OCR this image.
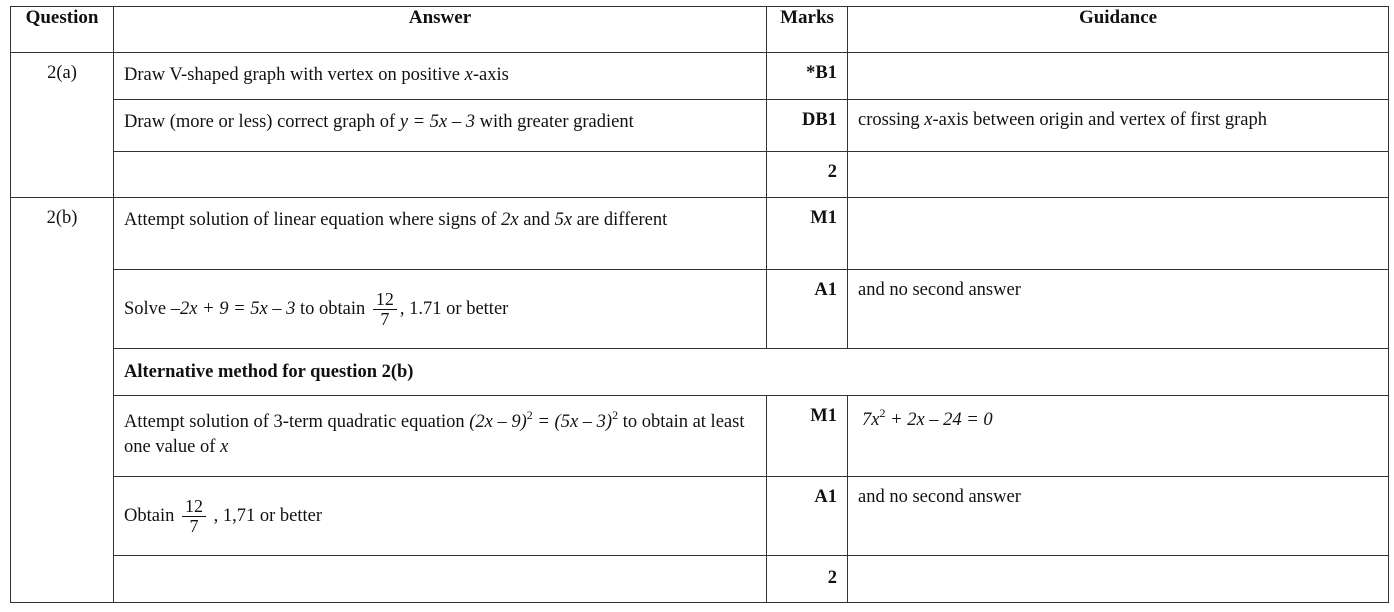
Question	Answer	Marks	Guidance
2(a)	Draw V-shaped graph with vertex on positive x-axis	*B1	
	Draw (more or less) correct graph of y = 5x – 3 with greater gradient	DB1	crossing x-axis between origin and vertex of first graph
		2	
2(b)	Attempt solution of linear equation where signs of 2x and 5x are different	M1	
	Solve –2x + 9 = 5x – 3 to obtain $\frac{12}{7}$ , 1.71 or better	A1	and no second answer
	Alternative method for question 2(b)		
	Attempt solution of 3-term quadratic equation (2x – 9)$^2$ = (5x – 3)$^2$ to obtain at least one value of x	M1	$7x^2 + 2x - 24 = 0$
	Obtain $\frac{12}{7}$ , 1,71 or better	A1	and no second answer
		2	
